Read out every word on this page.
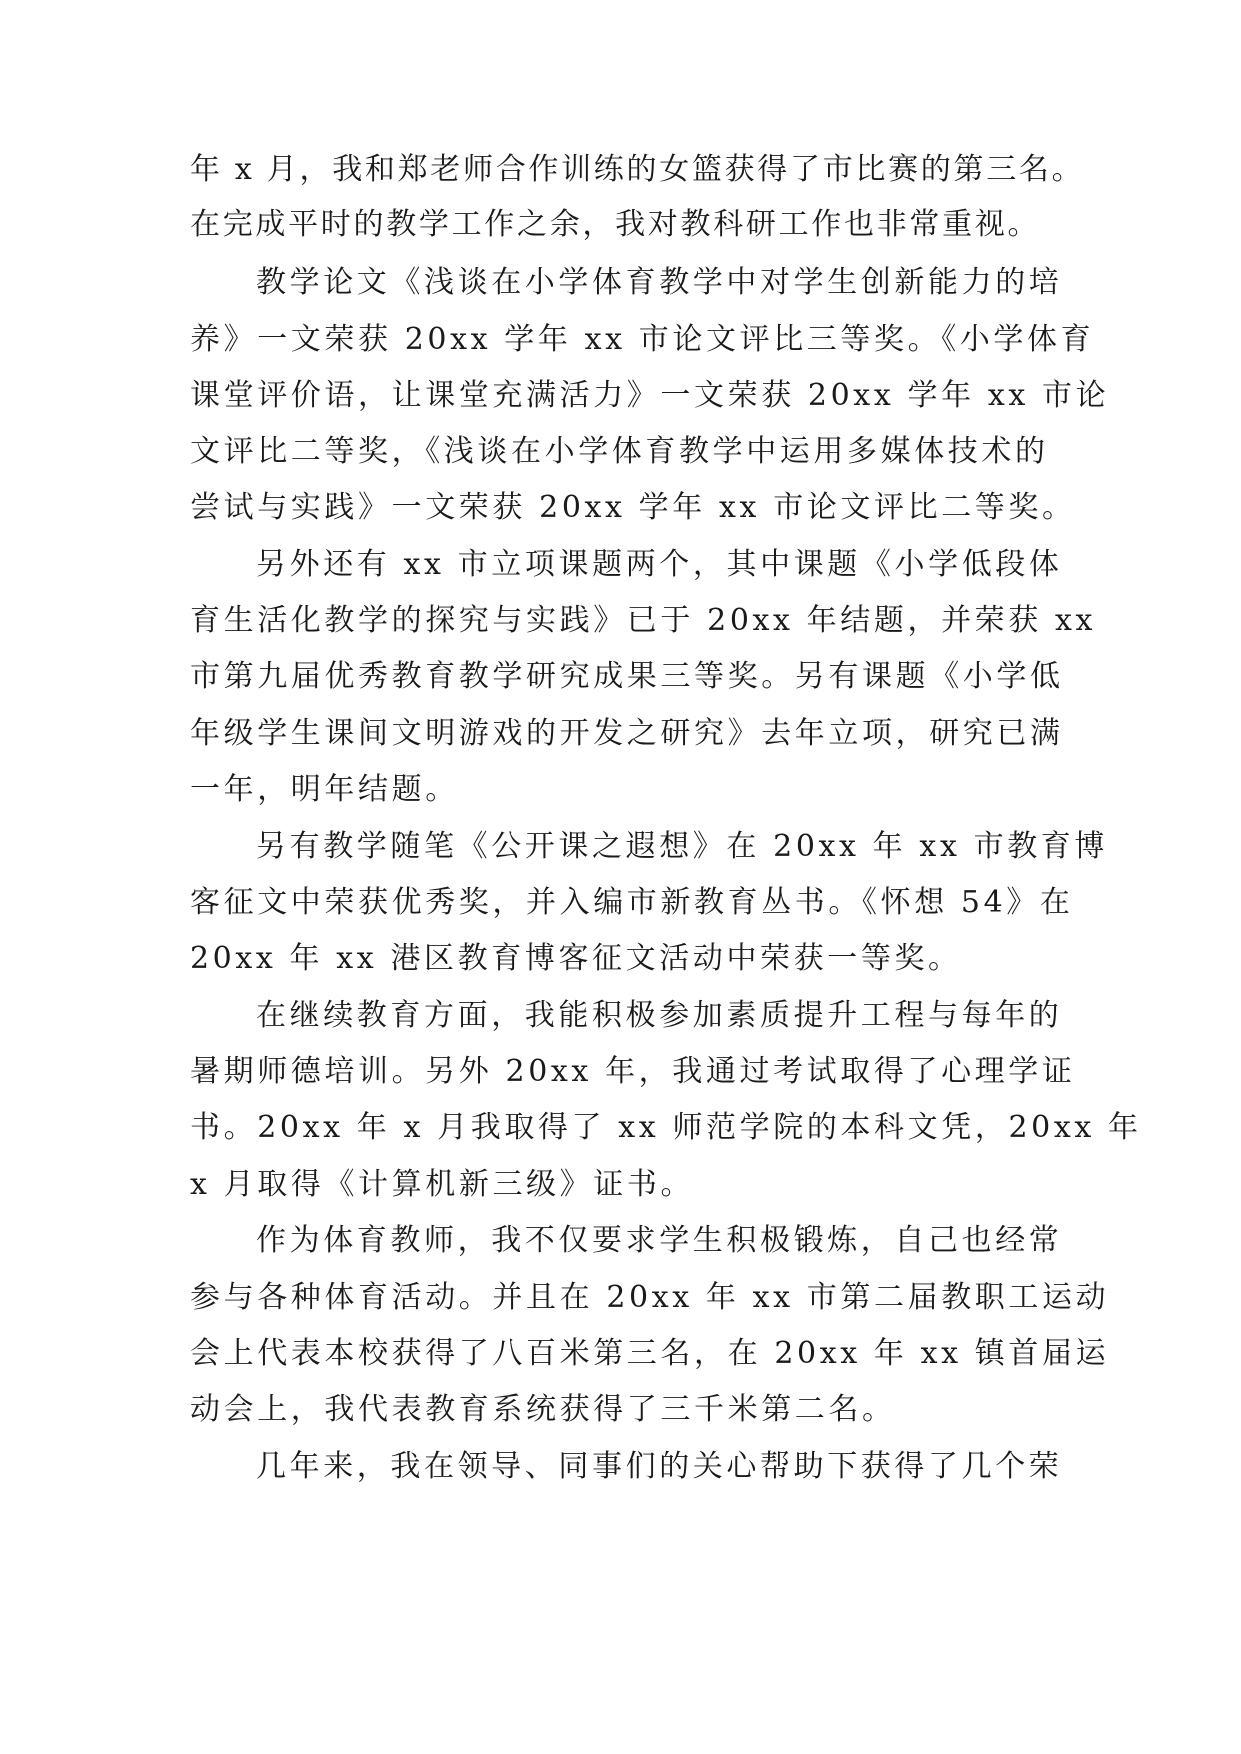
年 x 月，我和郑老师合作训练的女篮获得了市比赛的第三名。
在完成平时的教学工作之余，我对教科研工作也非常重视。
教学论文《浅谈在小学体育教学中对学生创新能力的培
养》一文荣获 20xx 学年 xx 市论文评比三等奖。《小学体育
课堂评价语，让课堂充满活力》一文荣获 20xx 学年 xx 市论
文评比二等奖，《浅谈在小学体育教学中运用多媒体技术的
尝试与实践》一文荣获 20xx 学年 xx 市论文评比二等奖。
另外还有 xx 市立项课题两个，其中课题《小学低段体
育生活化教学的探究与实践》已于 20xx 年结题，并荣获 xx
市第九届优秀教育教学研究成果三等奖。另有课题《小学低
年级学生课间文明游戏的开发之研究》去年立项，研究已满
一年，明年结题。
另有教学随笔《公开课之遐想》在 20xx 年 xx 市教育博
客征文中荣获优秀奖，并入编市新教育丛书。《怀想 54》在
20xx 年 xx 港区教育博客征文活动中荣获一等奖。
在继续教育方面，我能积极参加素质提升工程与每年的
暑期师德培训。另外 20xx 年，我通过考试取得了心理学证
书。20xx 年 x 月我取得了 xx 师范学院的本科文凭，20xx 年
x 月取得《计算机新三级》证书。
作为体育教师，我不仅要求学生积极锻炼，自己也经常
参与各种体育活动。并且在 20xx 年 xx 市第二届教职工运动
会上代表本校获得了八百米第三名，在 20xx 年 xx 镇首届运
动会上，我代表教育系统获得了三千米第二名。
几年来，我在领导、同事们的关心帮助下获得了几个荣
